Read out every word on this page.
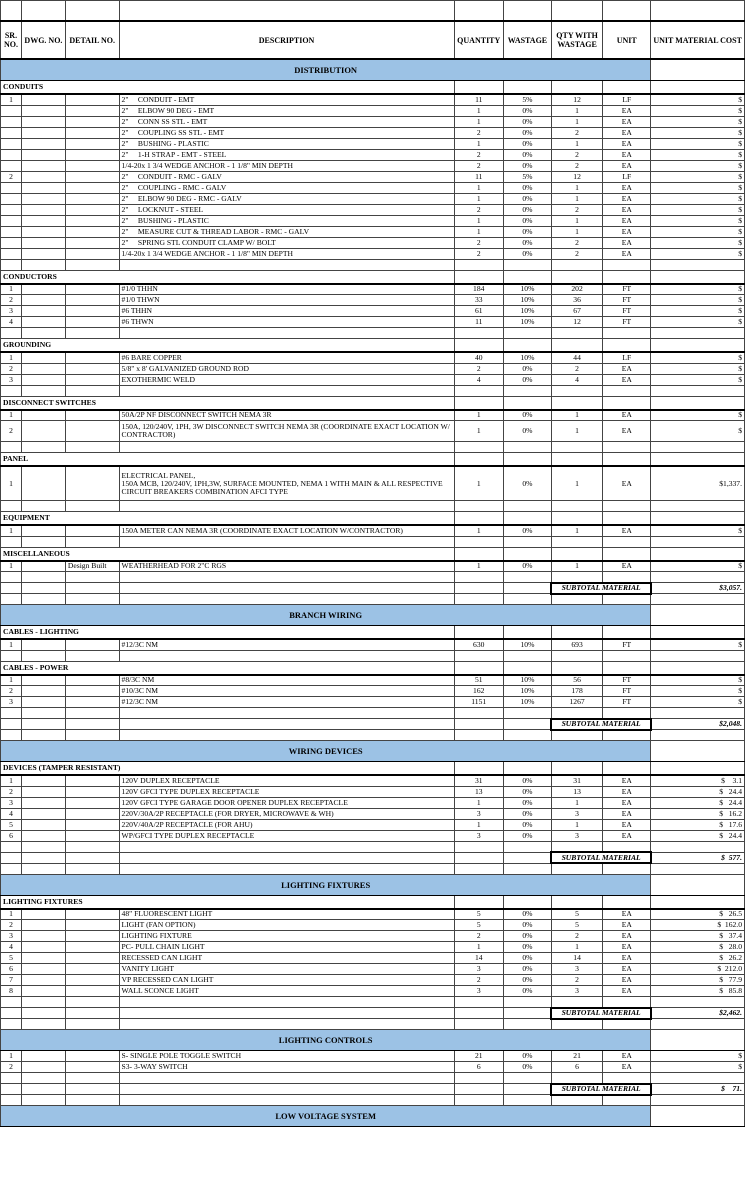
SR. NO.	DWG. NO.	DETAIL NO.	DESCRIPTION	QUANTITY	WASTAGE	QTY WITH WASTAGE	UNIT	UNIT MATERIAL COST
DISTRIBUTION								
CONDUITS								
1			2"     CONDUIT - EMT	11	5%	12	LF	$
			2"     ELBOW 90 DEG - EMT	1	0%	1	EA	$
			2"     CONN SS STL - EMT	1	0%	1	EA	$
			2"     COUPLING SS STL - EMT	2	0%	2	EA	$
			2"     BUSHING - PLASTIC	1	0%	1	EA	$
			2"     1-H STRAP - EMT - STEEL	2	0%	2	EA	$
			1/4-20x 1 3/4 WEDGE ANCHOR - 1 1/8" MIN DEPTH	2	0%	2	EA	$
2			2"     CONDUIT - RMC - GALV	11	5%	12	LF	$
			2"     COUPLING - RMC - GALV	1	0%	1	EA	$
			2"     ELBOW 90 DEG - RMC - GALV	1	0%	1	EA	$
			2"     LOCKNUT - STEEL	2	0%	2	EA	$
			2"     BUSHING - PLASTIC	1	0%	1	EA	$
			2"     MEASURE CUT & THREAD LABOR - RMC - GALV	1	0%	1	EA	$
			2"     SPRING STL CONDUIT CLAMP W/ BOLT	2	0%	2	EA	$
			1/4-20x 1 3/4 WEDGE ANCHOR - 1 1/8" MIN DEPTH	2	0%	2	EA	$

CONDUCTORS								
1			#1/0 THHN	184	10%	202	FT	$
2			#1/0 THWN	33	10%	36	FT	$
3			#6 THHN	61	10%	67	FT	$
4			#6 THWN	11	10%	12	FT	$

GROUNDING								
1			#6 BARE COPPER	40	10%	44	LF	$
2			5/8" x 8' GALVANIZED GROUND ROD	2	0%	2	EA	$
3			EXOTHERMIC WELD	4	0%	4	EA	$

DISCONNECT SWITCHES								
1			50A/2P NF DISCONNECT SWITCH NEMA 3R	1	0%	1	EA	$
2			150A, 120/240V, 1PH, 3W DISCONNECT SWITCH NEMA 3R (COORDINATE EXACT LOCATION W/ CONTRACTOR)	1	0%	1	EA	$

PANEL								
1			ELECTRICAL PANEL,
150A MCB, 120/240V, 1PH,3W, SURFACE MOUNTED, NEMA 1 WITH MAIN & ALL RESPECTIVE CIRCUIT BREAKERS COMBINATION AFCI TYPE	1	0%	1	EA	$1,337.

EQUIPMENT								
1			150A METER CAN NEMA 3R (COORDINATE EXACT LOCATION W/CONTRACTOR)	1	0%	1	EA	$

MISCELLANEOUS								
1		Design Built	WEATHERHEAD FOR 2"C RGS	1	0%	1	EA	$

						SUBTOTAL MATERIAL		$3,057.

BRANCH WIRING								
CABLES - LIGHTING								
1			#12/3C NM	630	10%	693	FT	$

CABLES - POWER								
1			#8/3C NM	51	10%	56	FT	$
2			#10/3C NM	162	10%	178	FT	$
3			#12/3C NM	1151	10%	1267	FT	$

						SUBTOTAL MATERIAL		$2,048.

WIRING DEVICES								
DEVICES (TAMPER RESISTANT)								
1			120V DUPLEX RECEPTACLE	31	0%	31	EA	$    3.1
2			120V GFCI TYPE DUPLEX RECEPTACLE	13	0%	13	EA	$   24.4
3			120V GFCI TYPE GARAGE DOOR OPENER DUPLEX RECEPTACLE	1	0%	1	EA	$   24.4
4			220V/30A/2P RECEPTACLE (FOR DRYER, MICROWAVE & WH)	3	0%	3	EA	$   16.2
5			220V/40A/2P RECEPTACLE (FOR AHU)	1	0%	1	EA	$   17.6
6			WP/GFCI TYPE DUPLEX RECEPTACLE	3	0%	3	EA	$   24.4

						SUBTOTAL MATERIAL		$  577.

LIGHTING FIXTURES								
LIGHTING FIXTURES								
1			48" FLUORESCENT LIGHT	5	0%	5	EA	$   26.5
2			LIGHT (FAN OPTION)	5	0%	5	EA	$  162.0
3			LIGHTING FIXTURE	2	0%	2	EA	$   37.4
4			PC- PULL CHAIN LIGHT	1	0%	1	EA	$   28.0
5			RECESSED CAN LIGHT	14	0%	14	EA	$   26.2
6			VANITY LIGHT	3	0%	3	EA	$  212.0
7			VP RECESSED CAN LIGHT	2	0%	2	EA	$   77.9
8			WALL SCONCE LIGHT	3	0%	3	EA	$   85.8

						SUBTOTAL MATERIAL		$2,462.

LIGHTING CONTROLS								
1			S- SINGLE POLE TOGGLE SWITCH	21	0%	21	EA	$
2			S3- 3-WAY SWITCH	6	0%	6	EA	$

						SUBTOTAL MATERIAL		$    71.

LOW VOLTAGE SYSTEM								
